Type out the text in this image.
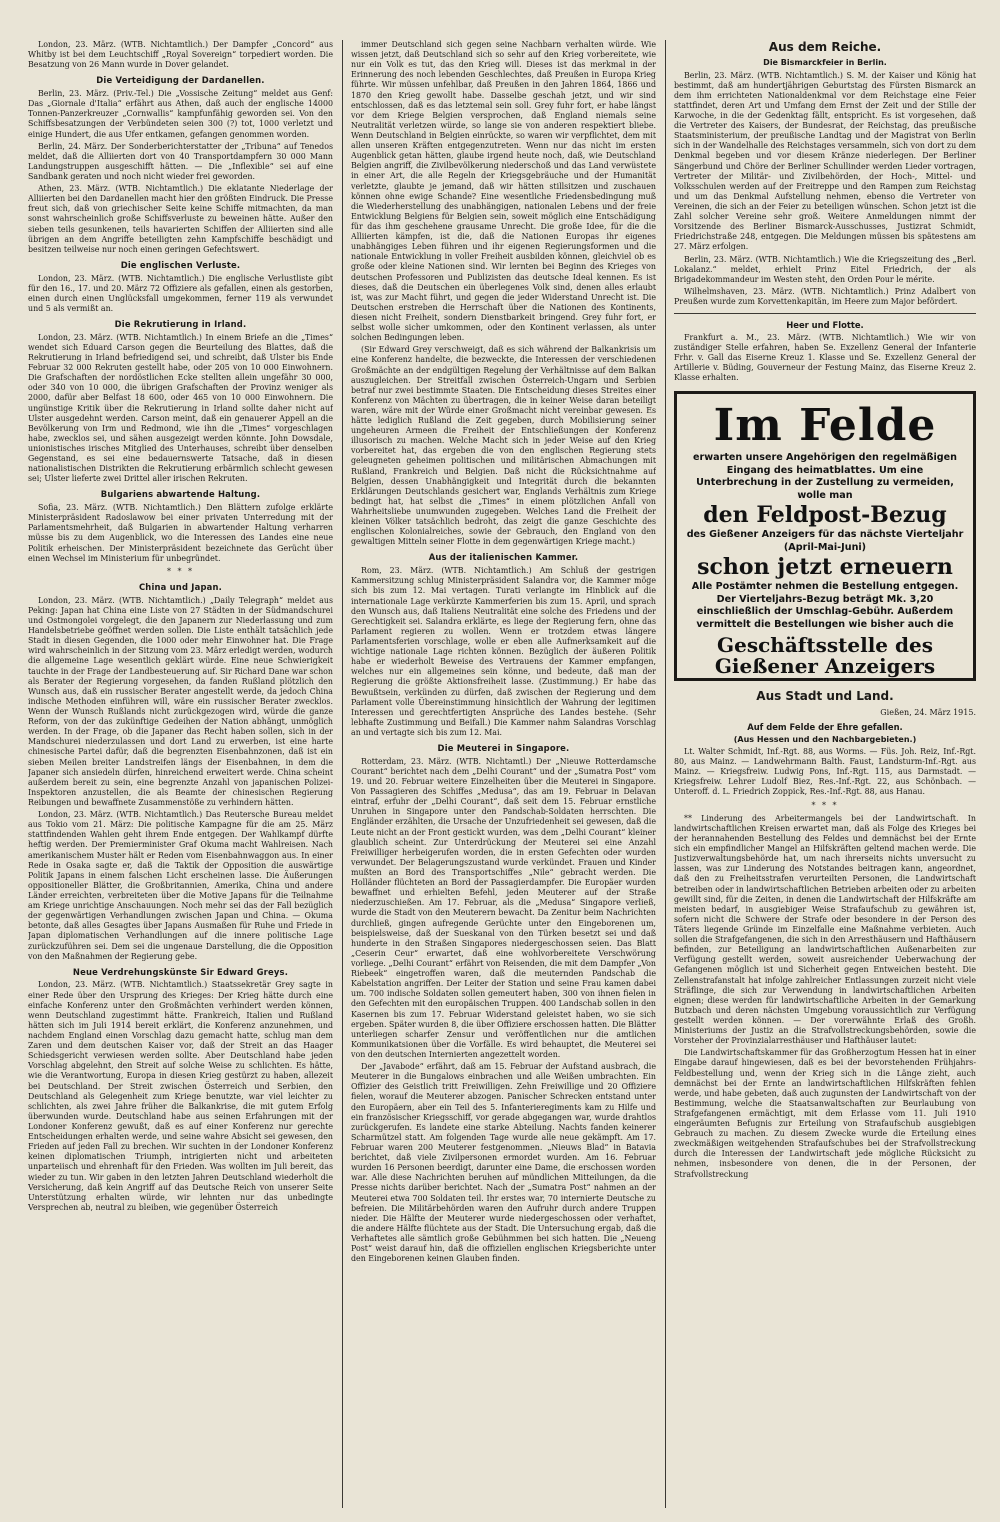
London, 23. März. (WTB. Nichtamtlich.) Der Dampfer „Concord“ aus Whitby ist bei dem Leuchtschiff „Royal Sovereign“ torpediert worden. Die Besatzung von 26 Mann wurde in Dover gelandet.

Die Verteidigung der Dardanellen.

Berlin, 23. März. (Priv.-Tel.) Die „Vossische Zeitung“ meldet aus Genf: Das „Giornale d'Italia“ erfährt aus Athen, daß auch der englische 14000 Tonnen-Panzerkreuzer „Cornwallis“ kampfunfähig geworden sei. Von den Schiffsbesatzungen der Verbündeten seien 300 (?) tot, 1000 verletzt und einige Hundert, die aus Ufer entkamen, gefangen genommen worden.

Berlin, 24. März. Der Sonderberichterstatter der „Tribuna“ auf Tenedos meldet, daß die Alliierten dort von 40 Transportdampfern 30 000 Mann Landungstruppen ausgeschifft hätten. — Die „Inflexible“ sei auf eine Sandbank geraten und noch nicht wieder frei geworden.

Athen, 23. März. (WTB. Nichtamtlich.) Die eklatante Niederlage der Alliierten bei den Dardanellen macht hier den größten Eindruck. Die Presse freut sich, daß von griechischer Seite keine Schiffe mitmachten, da man sonst wahrscheinlich große Schiffsverluste zu beweinen hätte. Außer den sieben teils gesunkenen, teils havarierten Schiffen der Alliierten sind alle übrigen an dem Angriffe beteiligten zehn Kampfschiffe beschädigt und besitzen teilweise nur noch einen geringen Gefechtswert.

Die englischen Verluste.

London, 23. März. (WTB. Nichtamtlich.) Die englische Verlustliste gibt für den 16., 17. und 20. März 72 Offiziere als gefallen, einen als gestorben, einen durch einen Unglücksfall umgekommen, ferner 119 als verwundet und 5 als vermißt an.

Die Rekrutierung in Irland.

London, 23. März. (WTB. Nichtamtlich.) In einem Briefe an die „Times“ wendet sich Eduard Carson gegen die Beurteilung des Blattes, daß die Rekrutierung in Irland befriedigend sei, und schreibt, daß Ulster bis Ende Februar 32 000 Rekruten gestellt habe, oder 205 von 10 000 Einwohnern. Die Grafschaften der nordöstlichen Ecke stellten allein ungefähr 30 000, oder 340 von 10 000, die übrigen Grafschaften der Provinz weniger als 2000, dafür aber Belfast 18 600, oder 465 von 10 000 Einwohnern. Die ungünstige Kritik über die Rekrutierung in Irland sollte daher nicht auf Ulster ausgedehnt werden. Carson meint, daß ein genauerer Appell an die Bevölkerung von Irm und Redmond, wie ihn die „Times“ vorgeschlagen habe, zwecklos sei, und sähen ausgezeigt werden könnte. John Dowsdale, unionistisches irisches Mitglied des Unterhauses, schreibt über denselben Gegenstand, es sei eine bedauernswerte Tatsache, daß in diesen nationalistischen Distrikten die Rekrutierung erbärmlich schlecht gewesen sei; Ulster lieferte zwei Drittel aller irischen Rekruten.

Bulgariens abwartende Haltung.

Sofia, 23. März. (WTB. Nichtamtlich.) Den Blättern zufolge erklärte Ministerpräsident Radoslawow bei einer privaten Unterredung mit der Parlamentsmehrheit, daß Bulgarien in abwartender Haltung verharren müsse bis zu dem Augenblick, wo die Interessen des Landes eine neue Politik erheischen. Der Ministerpräsident bezeichnete das Gerücht über einen Wechsel im Ministerium für unbegründet.

* * *
China und Japan.

London, 23. März. (WTB. Nichtamtlich.) „Daily Telegraph“ meldet aus Peking: Japan hat China eine Liste von 27 Städten in der Südmandschurei und Ostmongolei vorgelegt, die den Japanern zur Niederlassung und zum Handelsbetriebe geöffnet werden sollen. Die Liste enthält tatsächlich jede Stadt in diesen Gegenden, die 1000 oder mehr Einwohner hat. Die Frage wird wahrscheinlich in der Sitzung vom 23. März erledigt werden, wodurch die allgemeine Lage wesentlich geklärt würde. Eine neue Schwierigkeit tauchte in der Frage der Landbesteuerung auf. Sir Richard Dane war schon als Berater der Regierung vorgesehen, da fanden Rußland plötzlich den Wunsch aus, daß ein russischer Berater angestellt werde, da jedoch China indische Methoden einführen will, wäre ein russischer Berater zwecklos. Wenn der Wunsch Rußlands nicht zurückgezogen wird, würde die ganze Reform, von der das zukünftige Gedeihen der Nation abhängt, unmöglich werden. In der Frage, ob die Japaner das Recht haben sollen, sich in der Mandschurei niederzulassen und dort Land zu erwerben, ist eine harte chinesische Partei dafür, daß die begrenzten Eisenbahnzonen, daß ist ein sieben Meilen breiter Landstreifen längs der Eisenbahnen, in dem die Japaner sich ansiedeln dürfen, hinreichend erweitert werde. China scheint außerdem bereit zu sein, eine begrenzte Anzahl von japanischen Polizei-Inspektoren anzustellen, die als Beamte der chinesischen Regierung Reibungen und bewaffnete Zusammenstöße zu verhindern hätten.

London, 23. März. (WTB. Nichtamtlich.) Das Reutersche Bureau meldet aus Tokio vom 21. März: Die politische Kampagne für die am 25. März stattfindenden Wahlen geht ihrem Ende entgegen. Der Wahlkampf dürfte heftig werden. Der Premierminister Graf Okuma macht Wahlreisen. Nach amerikanischem Muster hält er Reden vom Eisenbahnwaggon aus. In einer Rede in Osaka sagte er, daß die Taktik der Opposition die auswärtige Politik Japans in einem falschen Licht erscheinen lasse. Die Äußerungen oppositioneller Blätter, die Großbritannien, Amerika, China und andere Länder erreichten, verbreiteten über die Motive Japans für die Teilnahme am Kriege unrichtige Anschauungen. Noch mehr sei das der Fall bezüglich der gegenwärtigen Verhandlungen zwischen Japan und China. — Okuma betonte, daß alles Gesagtes über Japans Ausmaßen für Ruhe und Friede in Japan diplomatischen Verhandlungen auf die innere politische Lage zurückzuführen sei. Dem sei die ungenaue Darstellung, die die Opposition von den Maßnahmen der Regierung gebe.

Neue Verdrehungskünste Sir Edward Greys.

London, 23. März. (WTB. Nichtamtlich.) Staatssekretär Grey sagte in einer Rede über den Ursprung des Krieges: Der Krieg hätte durch eine einfache Konferenz unter den Großmächten verhindert werden können, wenn Deutschland zugestimmt hätte. Frankreich, Italien und Rußland hätten sich im Juli 1914 bereit erklärt, die Konferenz anzunehmen, und nachdem England einen Vorschlag dazu gemacht hatte, schlug man dem Zaren und dem deutschen Kaiser vor, daß der Streit an das Haager Schiedsgericht verwiesen werden sollte. Aber Deutschland habe jeden Vorschlag abgelehnt, den Streit auf solche Weise zu schlichten. Es hätte, wie die Verantwortung, Europa in diesen Krieg gestürzt zu haben, allezeit bei Deutschland. Der Streit zwischen Österreich und Serbien, den Deutschland als Gelegenheit zum Kriege benutzte, war viel leichter zu schlichten, als zwei Jahre früher die Balkankrise, die mit gutem Erfolg überwunden wurde. Deutschland habe aus seinen Erfahrungen mit der Londoner Konferenz gewußt, daß es auf einer Konferenz nur gerechte Entscheidungen erhalten werde, und seine wahre Absicht sei gewesen, den Frieden auf jeden Fall zu brechen. Wir suchten in der Londoner Konferenz keinen diplomatischen Triumph, intrigierten nicht und arbeiteten unparteiisch und ehrenhaft für den Frieden. Was wollten im Juli bereit, das wieder zu tun. Wir gaben in den letzten Jahren Deutschland wiederholt die Versicherung, daß kein Angriff auf das Deutsche Reich von unserer Seite Unterstützung erhalten würde, wir lehnten nur das unbedingte Versprechen ab, neutral zu bleiben, wie gegenüber Österreich

immer Deutschland sich gegen seine Nachbarn verhalten würde. Wie wissen jetzt, daß Deutschland sich so sehr auf den Krieg vorbereitete, wie nur ein Volk es tut, das den Krieg will. Dieses ist das merkmal in der Erinnerung des noch lebenden Geschlechtes, daß Preußen in Europa Krieg führte. Wir müssen unfehlbar, daß Preußen in den Jahren 1864, 1866 und 1870 den Krieg gewollt habe. Dasselbe geschah jetzt, und wir sind entschlossen, daß es das letztemal sein soll. Grey fuhr fort, er habe längst vor dem Kriege Belgien versprochen, daß England niemals seine Neutralität verletzen würde, so lange sie von anderen respektiert bliebe. Wenn Deutschland in Belgien einrückte, so waren wir verpflichtet, dem mit allen unseren Kräften entgegenzutreten. Wenn nur das nicht im ersten Augenblick getan hätten, glaube irgend heute noch, daß, wie Deutschland Belgien angriff, die Zivilbevölkerung niederschoß und das Land verwüstete in einer Art, die alle Regeln der Kriegsgebräuche und der Humanität verletzte, glaubte je jemand, daß wir hätten stillsitzen und zuschauen können ohne ewige Schande? Eine wesentliche Friedensbedingung muß die Wiederherstellung des unabhängigen, nationalen Lebens und der freie Entwicklung Belgiens für Belgien sein, soweit möglich eine Entschädigung für das ihm geschehene grausame Unrecht. Die große Idee, für die die Alliierten kämpfen, ist die, daß die Nationen Europas ihr eigenes unabhängiges Leben führen und ihr eigenen Regierungsformen und die nationale Entwicklung in voller Freiheit ausbilden können, gleichviel ob es große oder kleine Nationen sind. Wir lernten bei Beginn des Krieges von deutschen Professoren und Publizisten das deutsche Ideal kennen. Es ist dieses, daß die Deutschen ein überlegenes Volk sind, denen alles erlaubt ist, was zur Macht führt, und gegen die jeder Widerstand Unrecht ist. Die Deutschen erstreben die Herrschaft über die Nationen des Kontinents, diesen nicht Freiheit, sondern Dienstbarkeit bringend. Grey fuhr fort, er selbst wolle sicher umkommen, oder den Kontinent verlassen, als unter solchen Bedingungen leben.

(Sir Edward Grey verschweigt, daß es sich während der Balkankrisis um eine Konferenz handelte, die bezweckte, die Interessen der verschiedenen Großmächte an der endgültigen Regelung der Verhältnisse auf dem Balkan auszugleichen. Der Streitfall zwischen Österreich-Ungarn und Serbien betraf nur zwei bestimmte Staaten. Die Entscheidung dieses Streites einer Konferenz von Mächten zu übertragen, die in keiner Weise daran beteiligt waren, wäre mit der Würde einer Großmacht nicht vereinbar gewesen. Es hätte lediglich Rußland die Zeit gegeben, durch Mobilisierung seiner ungeheuren Armeen die Freiheit der Entschließungen der Konferenz illusorisch zu machen. Welche Macht sich in jeder Weise auf den Krieg vorbereitet hat, das ergeben die von den englischen Regierung stets geleugneten geheimen politischen und militärischen Abmachungen mit Rußland, Frankreich und Belgien. Daß nicht die Rücksichtnahme auf Belgien, dessen Unabhängigkeit und Integrität durch die bekannten Erklärungen Deutschlands gesichert war, Englands Verhältnis zum Kriege bedingt hat, hat selbst die „Times“ in einem plötzlichen Anfall von Wahrheitsliebe unumwunden zugegeben. Welches Land die Freiheit der kleinen Völker tatsächlich bedroht, das zeigt die ganze Geschichte des englischen Kolonialreiches, sowie der Gebrauch, den England von den gewaltigen Mitteln seiner Flotte in dem gegenwärtigen Kriege macht.)

Aus der italienischen Kammer.

Rom, 23. März. (WTB. Nichtamtlich.) Am Schluß der gestrigen Kammersitzung schlug Ministerpräsident Salandra vor, die Kammer möge sich bis zum 12. Mai vertagen. Turati verlangte im Hinblick auf die internationale Lage verkürzte Kammerferien bis zum 15. April, und sprach den Wunsch aus, daß Italiens Neutralität eine solche des Friedens und der Gerechtigkeit sei. Salandra erklärte, es liege der Regierung fern, ohne das Parlament regieren zu wollen. Wenn er trotzdem etwas längere Parlamentsferien vorschlage, wolle er eben alle Aufmerksamkeit auf die wichtige nationale Lage richten können. Bezüglich der äußeren Politik habe er wiederholt Beweise des Vertrauens der Kammer empfangen, welches nur ein allgemeines sein könne, und bedeute, daß man der Regierung die größte Aktionsfreiheit lasse. (Zustimmung.) Er habe das Bewußtsein, verkünden zu dürfen, daß zwischen der Regierung und dem Parlament volle Übereinstimmung hinsichtlich der Wahrung der legitimen Interessen und gerechtfertigten Ansprüche des Landes bestehe. (Sehr lebhafte Zustimmung und Beifall.) Die Kammer nahm Salandras Vorschlag an und vertagte sich bis zum 12. Mai.

Die Meuterei in Singapore.

Rotterdam, 23. März. (WTB. Nichtamtl.) Der „Nieuwe Rotterdamsche Courant“ berichtet nach dem „Delhi Courant“ und der „Sumatra Post“ vom 19. und 20. Februar weitere Einzelheiten über die Meuterei in Singapore. Von Passagieren des Schiffes „Medusa“, das am 19. Februar in Delavan eintraf, erfuhr der „Delhi Courant“, daß seit dem 15. Februar ernstliche Unruhen in Singapore unter den Pandschab-Soldaten herrschten. Die Engländer erzählten, die Ursache der Unzufriedenheit sei gewesen, daß die Leute nicht an der Front gestickt wurden, was dem „Delhi Courant“ kleiner glaublich scheint. Zur Unterdrückung der Meuterei sei eine Anzahl Freiwilliger herbeigerufen worden, die in ersten Gefechten oder wurden verwundet. Der Belagerungszustand wurde verkündet. Frauen und Kinder mußten an Bord des Transportschiffes „Nile“ gebracht werden. Die Holländer flüchteten an Bord der Passagierdampfer. Die Europäer wurden bewaffnet und erhielten Befehl, jeden Meuterer auf der Straße niederzuschießen. Am 17. Februar, als die „Medusa“ Singapore verließ, wurde die Stadt von den Meuterern bewacht. Da Zenitur beim Nachrichten durchließ, gingen aufregende Gerüchte unter den Eingeborenen um, beispielsweise, daß der Sueskanal von den Türken besetzt sei und daß hunderte in den Straßen Singapores niedergeschossen seien. Das Blatt „Ceserin Ceur“ erwartet, daß eine wohlvorbereitete Verschwörung vorliege. „Delhi Courant“ erfährt von Reisenden, die mit dem Dampfer „Von Riebeek“ eingetroffen waren, daß die meuternden Pandschab die Kabelstation angriffen. Der Leiter der Station und seine Frau kamen dabei um. 700 indische Soldaten sollen gemeutert haben, 300 von ihnen fielen in den Gefechten mit den europäischen Truppen. 400 Landschab sollen in den Kasernen bis zum 17. Februar Widerstand geleistet haben, wo sie sich ergeben. Später wurden 8, die über Offiziere erschossen hatten. Die Blätter unterliegen scharfer Zensur und veröffentlichen nur die amtlichen Kommunikatsionen über die Vorfälle. Es wird behauptet, die Meuterei sei von den deutschen Internierten angezettelt worden.

Der „Javabode“ erfährt, daß am 15. Februar der Aufstand ausbrach, die Meuterer in die Bungalows einbrachen und alle Weißen umbrachten. Ein Offizier des Geistlich tritt Freiwilligen. Zehn Freiwillige und 20 Offiziere fielen, worauf die Meuterer abzogen. Panischer Schrecken entstand unter den Europäern, aber ein Teil des 5. Infanterieregiments kam zu Hilfe und ein französischer Kriegsschiff, vor gerade abgegangen war, wurde drahtlos zurückgerufen. Es landete eine starke Abteilung. Nachts fanden keinerer Scharmützel statt. Am folgenden Tage wurde alle neue gekämpft. Am 17. Februar waren 200 Meuterer festgenommen. „Nieuws Blad“ in Batavia berichtet, daß viele Zivilpersonen ermordet wurden. Am 16. Februar wurden 16 Personen beerdigt, darunter eine Dame, die erschossen worden war. Alle diese Nachrichten beruhen auf mündlichen Mitteilungen, da die Presse nichts darüber berichtet. Nach der „Sumatra Post“ nahmen an der Meuterei etwa 700 Soldaten teil. Ihr erstes war, 70 internierte Deutsche zu befreien. Die Militärbehörden waren den Aufruhr durch andere Truppen nieder. Die Hälfte der Meuterer wurde niedergeschossen oder verhaftet, die andere Hälfte flüchtete aus der Stadt. Die Untersuchung ergab, daß die Verhaftetes alle sämtlich große Gebühmmen bei sich hatten. Die „Neueng Post“ weist darauf hin, daß die offiziellen englischen Kriegsberichte unter den Eingeborenen keinen Glauben finden.

Aus dem Reiche.
Die Bismarckfeier in Berlin.

Berlin, 23. März. (WTB. Nichtamtlich.) S. M. der Kaiser und König hat bestimmt, daß am hundertjährigen Geburtstag des Fürsten Bismarck an dem ihm errichteten Nationaldenkmal vor dem Reichstage eine Feier stattfindet, deren Art und Umfang dem Ernst der Zeit und der Stille der Karwoche, in die der Gedenktag fällt, entspricht. Es ist vorgesehen, daß die Vertreter des Kaisers, der Bundesrat, der Reichstag, das preußische Staatsministerium, der preußische Landtag und der Magistrat von Berlin sich in der Wandelhalle des Reichstages versammeln, sich von dort zu dem Denkmal begeben und vor diesem Kränze niederlegen. Der Berliner Sängerbund und Chöre der Berliner Schullinder werden Lieder vortragen, Vertreter der Militär- und Zivilbehörden, der Hoch-, Mittel- und Volksschulen werden auf der Freitreppe und den Rampen zum Reichstag und um das Denkmal Aufstellung nehmen, ebenso die Vertreter von Vereinen, die sich an der Feier zu beteiligen wünschen. Schon jetzt ist die Zahl solcher Vereine sehr groß. Weitere Anmeldungen nimmt der Vorsitzende des Berliner Bismarck-Ausschusses, Justizrat Schmidt, Friedrichstraße 248, entgegen. Die Meldungen müssen bis spätestens am 27. März erfolgen.

Berlin, 23. März. (WTB. Nichtamtlich.) Wie die Kriegszeitung des „Berl. Lokalanz.“ meldet, erhielt Prinz Eitel Friedrich, der als Brigadekommandeur im Westen steht, den Orden Pour le mérite.

Wilhelmshaven, 23. März. (WTB. Nichtamtlich.) Prinz Adalbert von Preußen wurde zum Korvettenkapitän, im Heere zum Major befördert.

Heer und Flotte.

Frankfurt a. M., 23. März. (WTB. Nichtamtlich.) Wie wir von zuständiger Stelle erfahren, haben Se. Exzellenz General der Infanterie Frhr. v. Gall das Eiserne Kreuz 1. Klasse und Se. Exzellenz General der Artillerie v. Büding, Gouverneur der Festung Mainz, das Eiserne Kreuz 2. Klasse erhalten.

Im Felde
erwarten unsere Angehörigen den regelmäßigen Eingang des heimatblattes. Um eine Unterbrechung in der Zustellung zu vermeiden, wolle man
den Feldpost-Bezug
des Gießener Anzeigers für das nächste Vierteljahr (April-Mai-Juni)
schon jetzt erneuern
Alle Postämter nehmen die Bestellung entgegen. Der Vierteljahrs-Bezug beträgt Mk. 3,20 einschließlich der Umschlag-Gebühr. Außerdem vermittelt die Bestellungen wie bisher auch die
Geschäftsstelle des Gießener Anzeigers
Aus Stadt und Land.
Gießen, 24. März 1915.
Auf dem Felde der Ehre gefallen.
(Aus Hessen und den Nachbargebieten.)

Lt. Walter Schmidt, Inf.-Rgt. 88, aus Worms. — Füs. Joh. Reiz, Inf.-Rgt. 80, aus Mainz. — Landwehrmann Balth. Faust, Landsturm-Inf.-Rgt. aus Mainz. — Kriegsfreiw. Ludwig Pons, Inf.-Rgt. 115, aus Darmstadt. — Kriegsfreiw. Lehrer Ludolf Biez, Res.-Inf.-Rgt. 22, aus Schönbach. — Unteroff. d. L. Friedrich Zoppick, Res.-Inf.-Rgt. 88, aus Hanau.

* * *

** Linderung des Arbeitermangels bei der Landwirtschaft. In landwirtschaftlichen Kreisen erwartet man, daß als Folge des Krieges bei der herannahenden Bestellung des Feldes und demnächst bei der Ernte sich ein empfindlicher Mangel an Hilfskräften geltend machen werde. Die Justizverwaltungsbehörde hat, um nach ihrerseits nichts unversucht zu lassen, was zur Linderung des Notstandes beitragen kann, angeordnet, daß den zu Freiheitsstrafen verurteilten Personen, die Landwirtschaft betreiben oder in landwirtschaftlichen Betrieben arbeiten oder zu arbeiten gewillt sind, für die Zeiten, in denen die Landwirtschaft der Hilfskräfte am meisten bedarf, in ausgiebiger Weise Strafaufschub zu gewähren ist, sofern nicht die Schwere der Strafe oder besondere in der Person des Täters liegende Gründe im Einzelfalle eine Maßnahme verbieten. Auch sollen die Strafgefangenen, die sich in den Arresthäusern und Hafthäusern befinden, zur Beteiligung an landwirtschaftlichen Außenarbeiten zur Verfügung gestellt werden, soweit ausreichender Ueberwachung der Gefangenen möglich ist und Sicherheit gegen Entweichen besteht. Die Zellenstrafanstalt hat infolge zahlreicher Entlassungen zurzeit nicht viele Sträflinge, die sich zur Verwendung in landwirtschaftlichen Arbeiten eignen; diese werden für landwirtschaftliche Arbeiten in der Gemarkung Butzbach und deren nächsten Umgebung voraussichtlich zur Verfügung gestellt werden können. — Der vorerwähnte Erlaß des Großh. Ministeriums der Justiz an die Strafvollstreckungsbehörden, sowie die Vorsteher der Provinzialarresthäuser und Hafthäuser lautet:

Die Landwirtschaftskammer für das Großherzogtum Hessen hat in einer Eingabe darauf hingewiesen, daß es bei der bevorstehenden Frühjahrs-Feldbestellung und, wenn der Krieg sich in die Länge zieht, auch demnächst bei der Ernte an landwirtschaftlichen Hilfskräften fehlen werde, und habe gebeten, daß auch zugunsten der Landwirtschaft von der Bestimmung, welche die Staatsanwaltschaften zur Beurlaubung von Strafgefangenen ermächtigt, mit dem Erlasse vom 11. Juli 1910 eingeräumten Befugnis zur Erteilung von Strafaufschub ausgiebigen Gebrauch zu machen. Zu diesem Zwecke wurde die Erteilung eines zweckmäßigen weitgehenden Strafaufschubes bei der Strafvollstreckung durch die Interessen der Landwirtschaft jede mögliche Rücksicht zu nehmen, insbesondere von denen, die in der Personen, der Strafvollstreckung
